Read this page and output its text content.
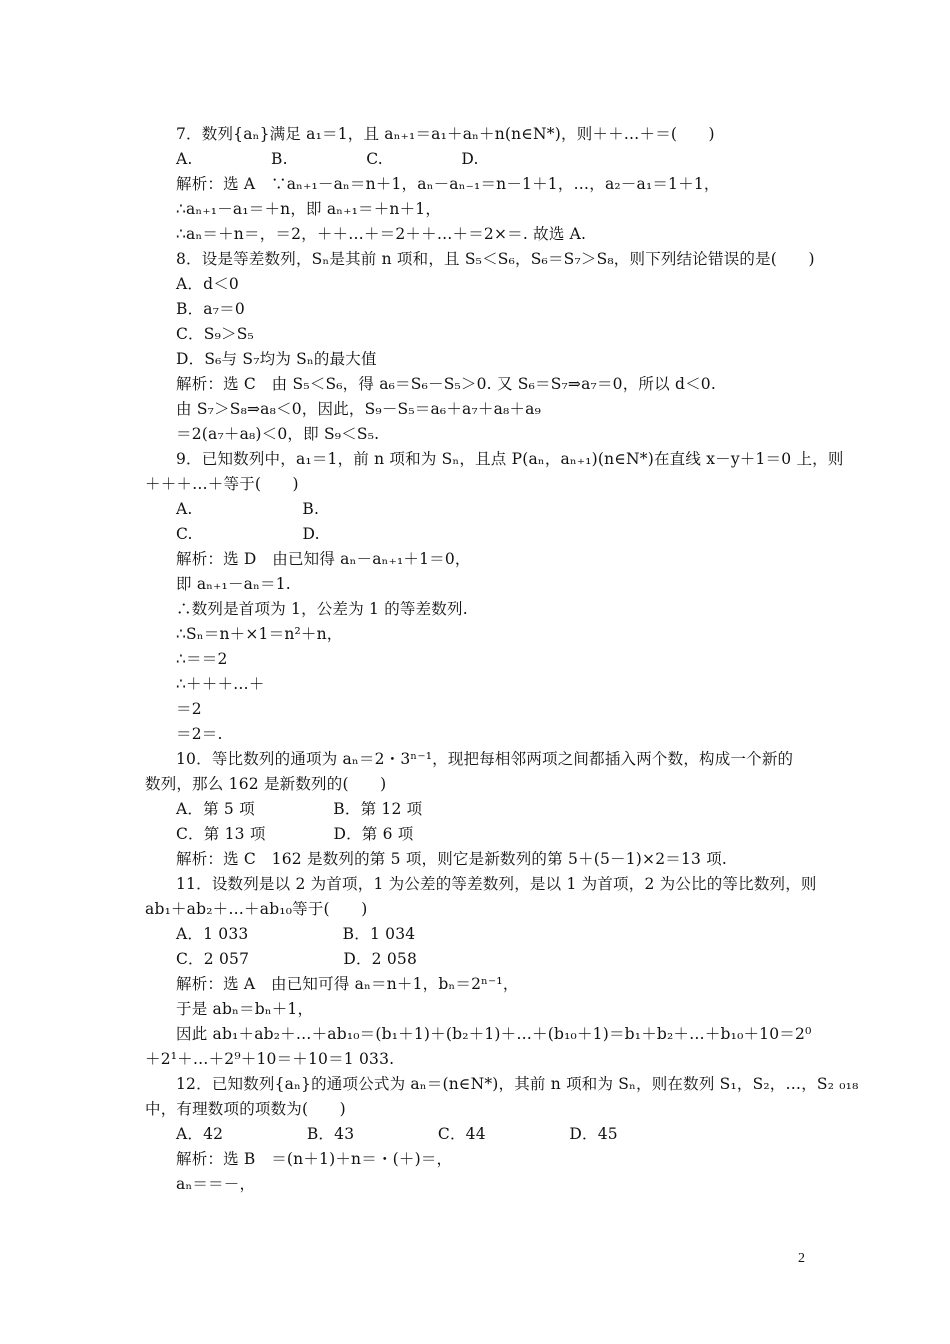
7．数列{aₙ}满足 a₁＝1，且 aₙ₊₁＝a₁＋aₙ＋n(n∈N*)，则＋＋…＋＝(　　)
A.　　　　　B.　　　　　C.　　　　　D.
解析：选 A　∵aₙ₊₁－aₙ＝n＋1，aₙ－aₙ₋₁＝n－1＋1，…，a₂－a₁＝1＋1，
∴aₙ₊₁－a₁＝＋n，即 aₙ₊₁＝＋n＋1，
∴aₙ＝＋n＝，＝2，＋＋…＋＝2＋＋…＋＝2×＝. 故选 A.
8．设是等差数列，Sₙ是其前 n 项和，且 S₅＜S₆，S₆＝S₇＞S₈，则下列结论错误的是(　　)
A．d＜0
B．a₇＝0
C．S₉＞S₅
D．S₆与 S₇均为 Sₙ的最大值
解析：选 C　由 S₅＜S₆，得 a₆＝S₆－S₅＞0. 又 S₆＝S₇⇒a₇＝0，所以 d＜0.
由 S₇＞S₈⇒a₈＜0，因此，S₉－S₅＝a₆＋a₇＋a₈＋a₉
＝2(a₇＋a₈)＜0，即 S₉＜S₅.
9．已知数列中，a₁＝1，前 n 项和为 Sₙ，且点 P(aₙ，aₙ₊₁)(n∈N*)在直线 x－y＋1＝0 上，则
＋＋＋…＋等于(　　)
A.　　　　　　　B.
C.　　　　　　　D.
解析：选 D　由已知得 aₙ－aₙ₊₁＋1＝0，
即 aₙ₊₁－aₙ＝1.
∴数列是首项为 1，公差为 1 的等差数列.
∴Sₙ＝n＋×1＝n²＋n，
∴＝＝2
∴＋＋＋…＋
＝2
＝2＝.
10．等比数列的通项为 aₙ＝2・3ⁿ⁻¹，现把每相邻两项之间都插入两个数，构成一个新的
数列，那么 162 是新数列的(　　)
A．第 5 项　　　　　B．第 12 项
C．第 13 项　　　　 D．第 6 项
解析：选 C　162 是数列的第 5 项，则它是新数列的第 5＋(5－1)×2＝13 项.
11．设数列是以 2 为首项，1 为公差的等差数列，是以 1 为首项，2 为公比的等比数列，则
ab₁＋ab₂＋…＋ab₁₀等于(　　)
A．1 033　　　　　　B．1 034
C．2 057　　　　　　D．2 058
解析：选 A　由已知可得 aₙ＝n＋1，bₙ＝2ⁿ⁻¹，
于是 abₙ＝bₙ＋1，
因此 ab₁＋ab₂＋…＋ab₁₀＝(b₁＋1)＋(b₂＋1)＋…＋(b₁₀＋1)＝b₁＋b₂＋…＋b₁₀＋10＝2⁰
＋2¹＋…＋2⁹＋10＝＋10＝1 033.
12．已知数列{aₙ}的通项公式为 aₙ＝(n∈N*)，其前 n 项和为 Sₙ，则在数列 S₁，S₂，…，S₂ ₀₁₈
中，有理数项的项数为(　　)
A．42　　　　　 B．43　　　　　 C．44　　　　　 D．45
解析：选 B　＝(n＋1)＋n＝・(＋)＝，
aₙ＝＝－，
2
